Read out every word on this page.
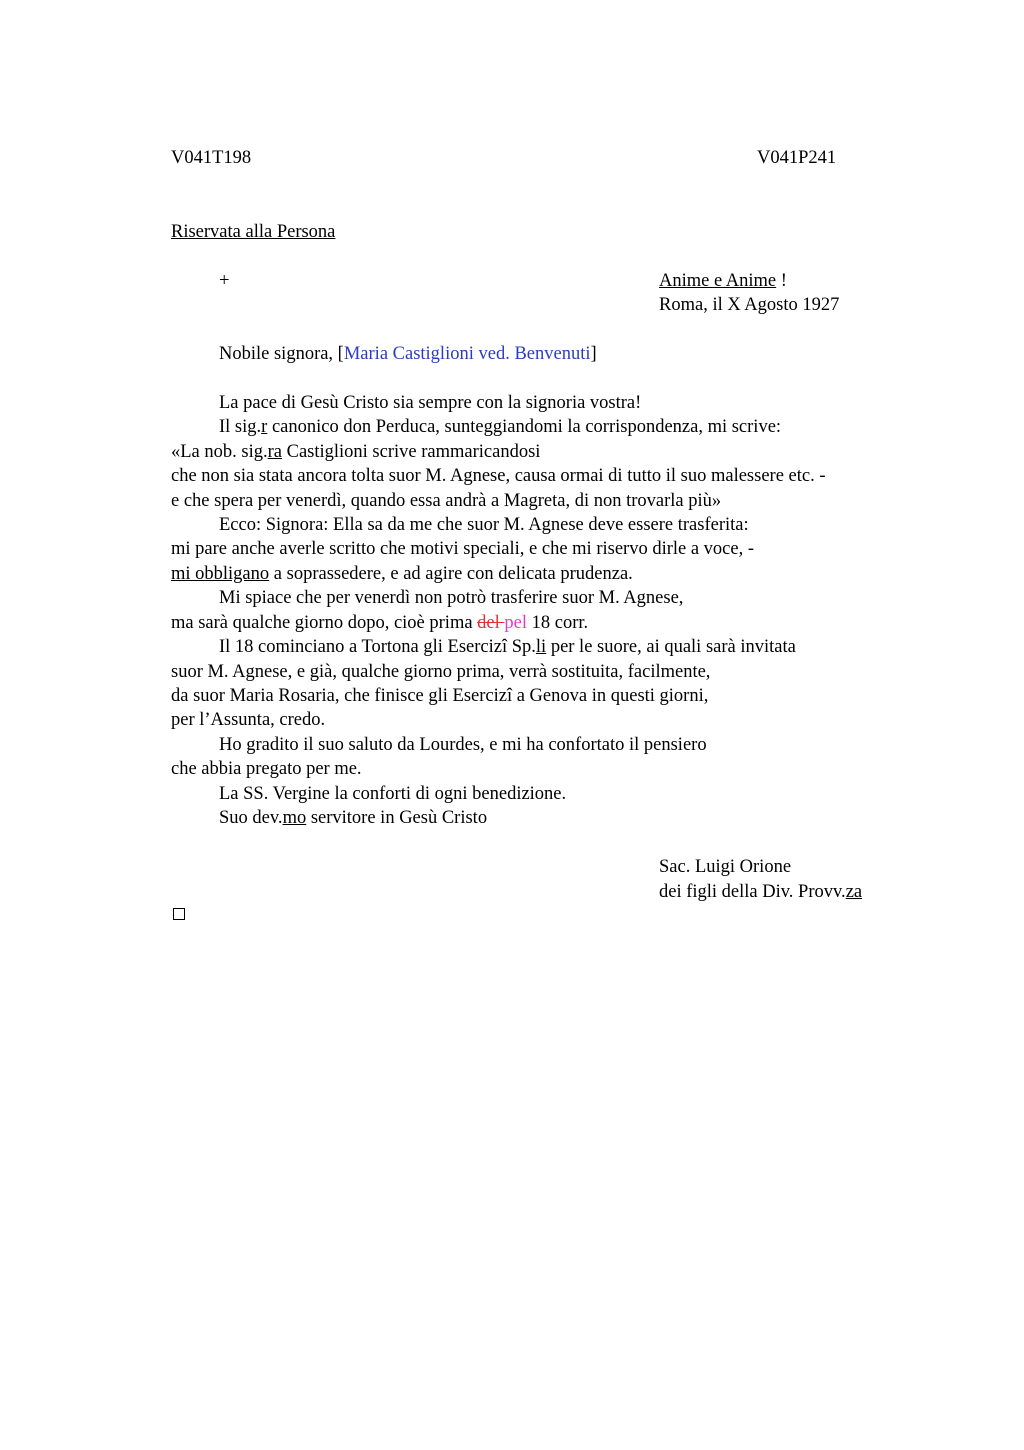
V041T198	V041P241
Riservata alla Persona
+	Anime e Anime !
Roma, il X Agosto 1927
Nobile signora, [Maria Castiglioni ved. Benvenuti]
La pace di Gesù Cristo sia sempre con la signoria vostra!
Il sig.r canonico don Perduca, sunteggiandomi la corrispondenza, mi scrive:
«La nob. sig.ra Castiglioni scrive rammaricandosi
che non sia stata ancora tolta suor M. Agnese, causa ormai di tutto il suo malessere etc. -
e che spera per venerdì, quando essa andrà a Magreta, di non trovarla più»
Ecco: Signora: Ella sa da me che suor M. Agnese deve essere trasferita:
mi pare anche averle scritto che motivi speciali, e che mi riservo dirle a voce, -
mi obbligano a soprassedere, e ad agire con delicata prudenza.
Mi spiace che per venerdì non potrò trasferire suor M. Agnese,
ma sarà qualche giorno dopo, cioè prima del pel 18 corr.
Il 18 cominciano a Tortona gli Esercizi Sp.li per le suore, ai quali sarà invitata
suor M. Agnese, e già, qualche giorno prima, verrà sostituita, facilmente,
da suor Maria Rosaria, che finisce gli Esercizi a Genova in questi giorni,
per l’Assunta, credo.
Ho gradito il suo saluto da Lourdes, e mi ha confortato il pensiero
che abbia pregato per me.
La SS. Vergine la conforti di ogni benedizione.
Suo dev.mo servitore in Gesù Cristo
Sac. Luigi Orione
dei figli della Div. Provv.za
